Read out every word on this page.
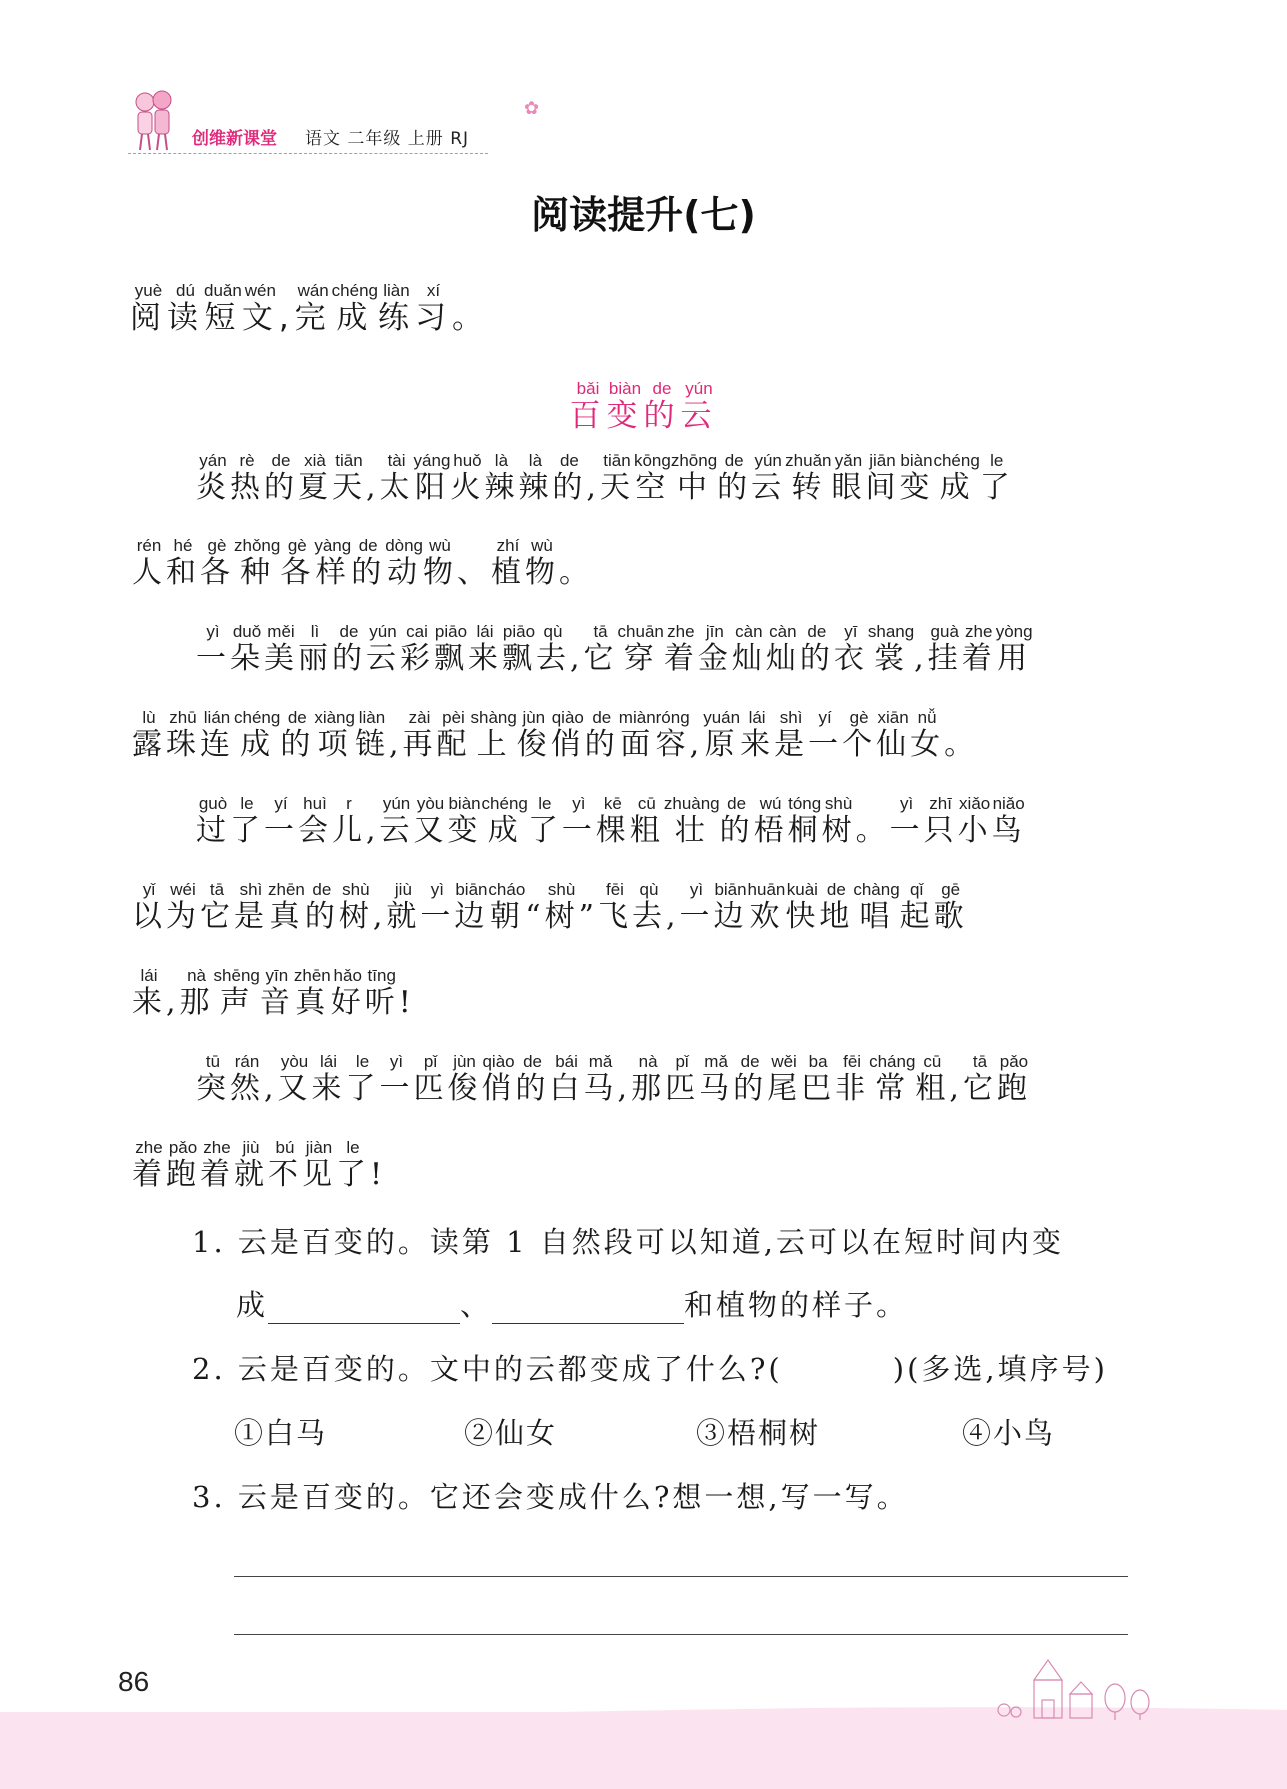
创维新课堂 语文 二年级 上册 RJ
✿
阅读提升(七)
阅yuè读dú短duǎn文wén, 完wán成chéng练liàn习xí。
百bǎi变biàn的de云yún
炎yán热rè的de夏xià天tiān, 太tài阳yáng火huǒ辣là辣là的de, 天tiān空kōng中zhōng的de云yún转zhuǎn眼yǎn间jiān变biàn成chéng了le
人rén和hé各gè种zhǒng各gè样yàng的de动dòng物wù、 植zhí物wù。
一yì朵duǒ美měi丽lì的de云yún彩cai飘piāo来lái飘piāo去qù, 它tā穿chuān着zhe金jīn灿càn灿càn的de衣yī裳shang, 挂guà着zhe用yòng
露lù珠zhū连lián成chéng的de项xiàng链liàn, 再zài配pèi上shàng俊jùn俏qiào的de面miàn容róng, 原yuán来lái是shì一yí个gè仙xiān女nǚ。
过guò了le一yí会huì儿r, 云yún又yòu变biàn成chéng了le一yì棵kē粗cū壮zhuàng的de梧wú桐tóng树shù。 一yì只zhī小xiǎo鸟niǎo
以yǐ为wéi它tā是shì真zhēn的de树shù, 就jiù一yì边biān朝cháo“ 树shù” 飞fēi去qù, 一yì边biān欢huān快kuài地de唱chàng起qǐ歌gē
来lái, 那nà声shēng音yīn真zhēn好hǎo听tīng!
突tū然rán, 又yòu来lái了le一yì匹pǐ俊jùn俏qiào的de白bái马mǎ, 那nà匹pǐ马mǎ的de尾wěi巴ba非fēi常cháng粗cū, 它tā跑pǎo
着zhe跑pǎo着zhe就jiù不bú见jiàn了le!
1. 云是百变的。读第 1 自然段可以知道,云可以在短时间内变
成	、	和植物的样子。
2. 云是百变的。文中的云都变成了什么?(	)(多选,填序号)
①白马	②仙女	③梧桐树	④小鸟
3. 云是百变的。它还会变成什么?想一想,写一写。
86
